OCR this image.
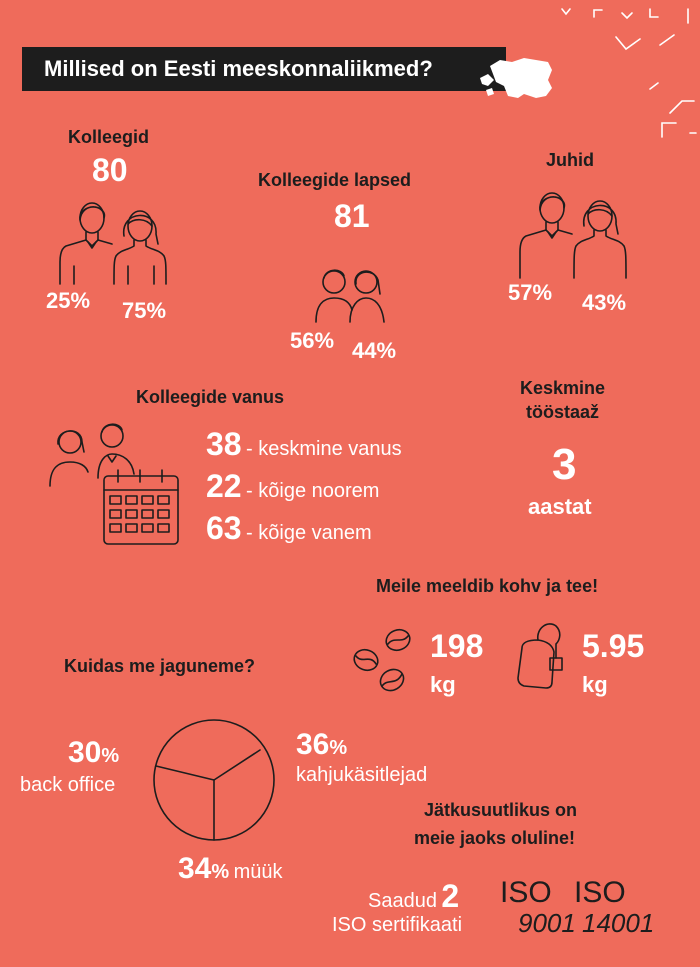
Millised on Eesti meeskonnaliikmed?
Kolleegid
80
25% 75%
Kolleegide lapsed
81
56% 44%
Juhid
57% 43%
Kolleegide vanus
38 - keskmine vanus
22 - kõige noorem
63 - kõige vanem
Keskmine
tööstaaž
3
aastat
Meile meeldib kohv ja tee!
198
kg
5.95
kg
Kuidas me jaguneme?
30%
back office
36%
kahjukäsitlejad
34% müük
Jätkusuutlikus on
meie jaoks oluline!
Saadud 2
ISO sertifikaati
ISO
9001
ISO
14001
